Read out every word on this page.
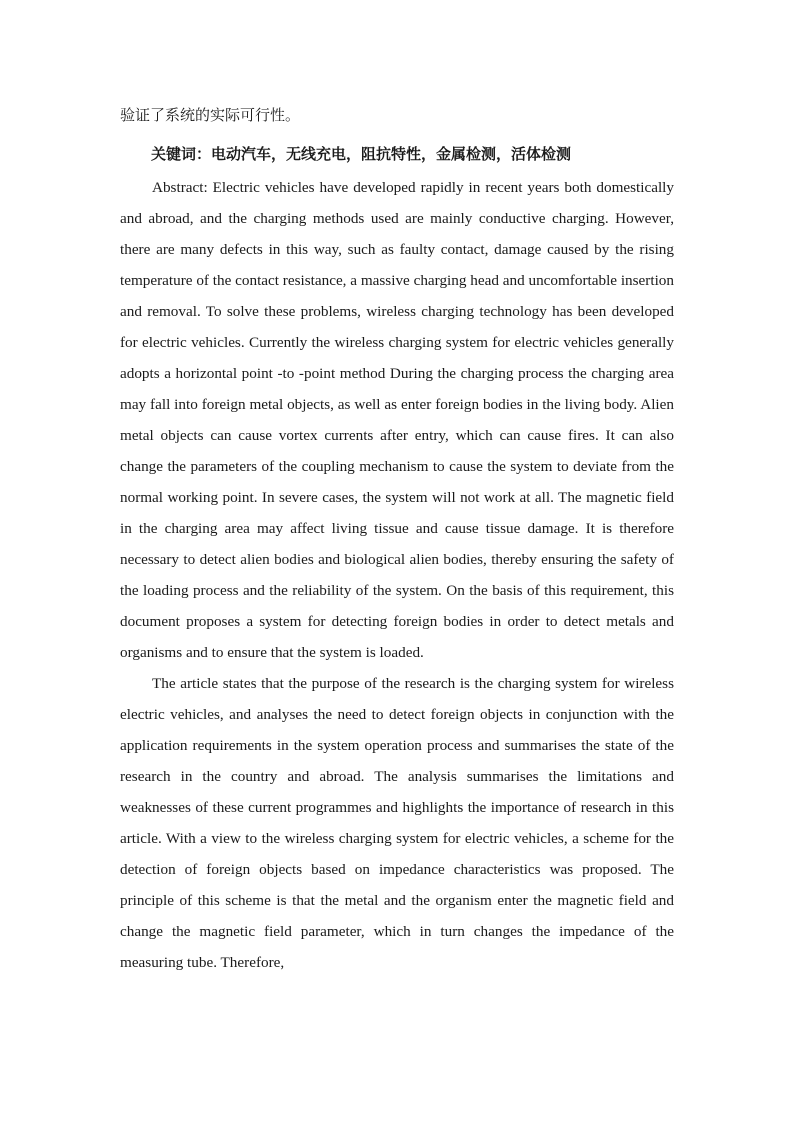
验证了系统的实际可行性。

关键词：电动汽车，无线充电，阻抗特性，金属检测，活体检测

Abstract: Electric vehicles have developed rapidly in recent years both domestically and abroad, and the charging methods used are mainly conductive charging. However, there are many defects in this way, such as faulty contact, damage caused by the rising temperature of the contact resistance, a massive charging head and uncomfortable insertion and removal. To solve these problems, wireless charging technology has been developed for electric vehicles. Currently the wireless charging system for electric vehicles generally adopts a horizontal point -to -point method During the charging process the charging area may fall into foreign metal objects, as well as enter foreign bodies in the living body. Alien metal objects can cause vortex currents after entry, which can cause fires. It can also change the parameters of the coupling mechanism to cause the system to deviate from the normal working point. In severe cases, the system will not work at all. The magnetic field in the charging area may affect living tissue and cause tissue damage. It is therefore necessary to detect alien bodies and biological alien bodies, thereby ensuring the safety of the loading process and the reliability of the system. On the basis of this requirement, this document proposes a system for detecting foreign bodies in order to detect metals and organisms and to ensure that the system is loaded.

The article states that the purpose of the research is the charging system for wireless electric vehicles, and analyses the need to detect foreign objects in conjunction with the application requirements in the system operation process and summarises the state of the research in the country and abroad. The analysis summarises the limitations and weaknesses of these current programmes and highlights the importance of research in this article. With a view to the wireless charging system for electric vehicles, a scheme for the detection of foreign objects based on impedance characteristics was proposed. The principle of this scheme is that the metal and the organism enter the magnetic field and change the magnetic field parameter, which in turn changes the impedance of the measuring tube. Therefore,
